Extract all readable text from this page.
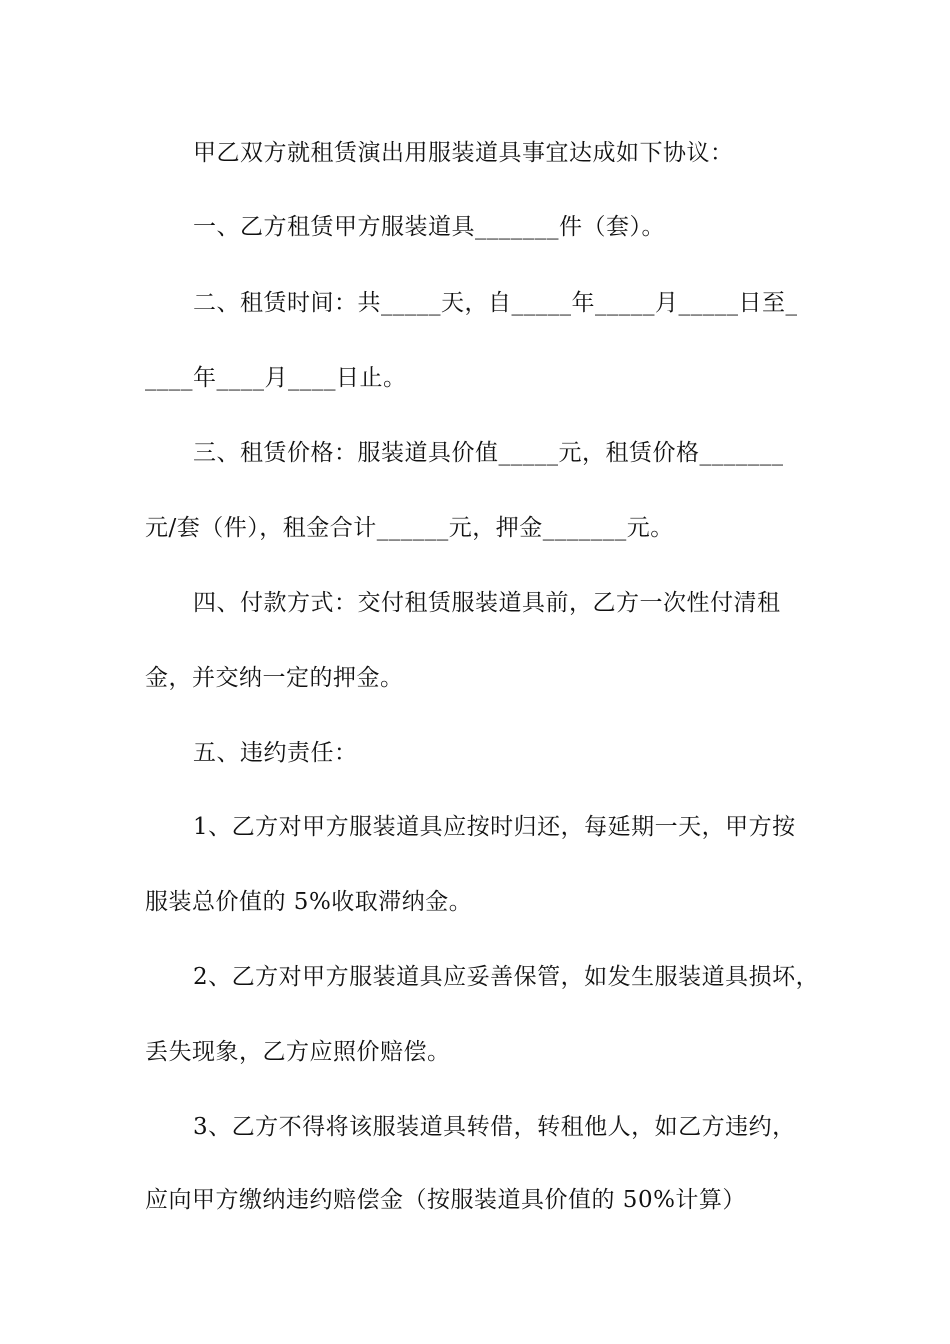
甲乙双方就租赁演出用服装道具事宜达成如下协议：
一、乙方租赁甲方服装道具_______件（套）。
二、租赁时间：共_____天，自_____年_____月_____日至_
____年____月____日止。
三、租赁价格：服装道具价值_____元，租赁价格_______
元/套（件），租金合计______元，押金_______元。
四、付款方式：交付租赁服装道具前，乙方一次性付清租
金，并交纳一定的押金。
五、违约责任：
1、乙方对甲方服装道具应按时归还，每延期一天，甲方按
服装总价值的 5%收取滞纳金。
2、乙方对甲方服装道具应妥善保管，如发生服装道具损坏，
丢失现象，乙方应照价赔偿。
3、乙方不得将该服装道具转借，转租他人，如乙方违约，
应向甲方缴纳违约赔偿金（按服装道具价值的 50%计算）
